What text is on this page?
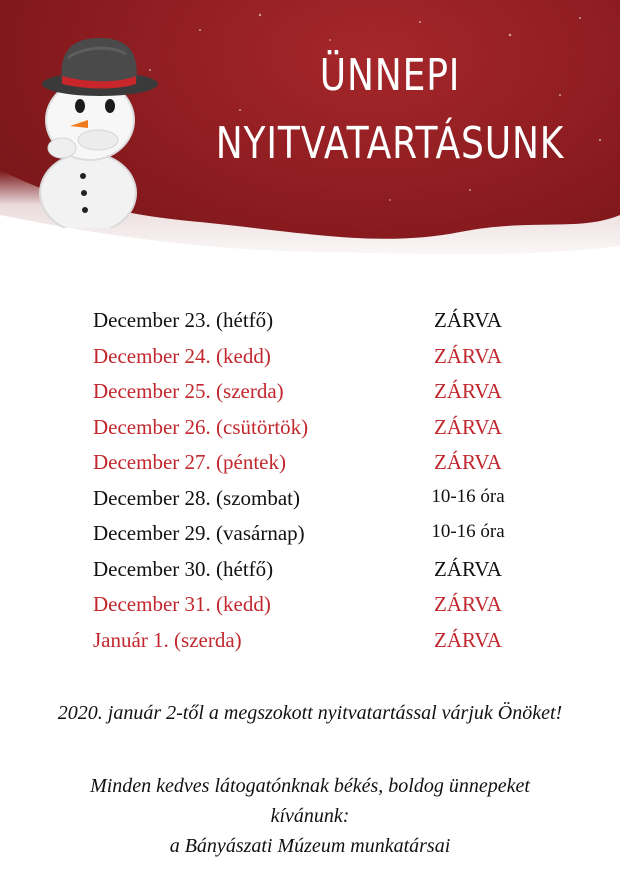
ÜNNEPI
NYITVATARTÁSUNK
December 23. (hétfő)	ZÁRVA
December 24. (kedd)	ZÁRVA
December 25. (szerda)	ZÁRVA
December 26. (csütörtök)	ZÁRVA
December 27. (péntek)	ZÁRVA
December 28. (szombat)	10-16 óra
December 29. (vasárnap)	10-16 óra
December 30. (hétfő)	ZÁRVA
December 31. (kedd)	ZÁRVA
Január 1. (szerda)	ZÁRVA
2020. január 2-től a megszokott nyitvatartással várjuk Önöket!
Minden kedves látogatónknak békés, boldog ünnepeket
kívánunk:
a Bányászati Múzeum munkatársai
